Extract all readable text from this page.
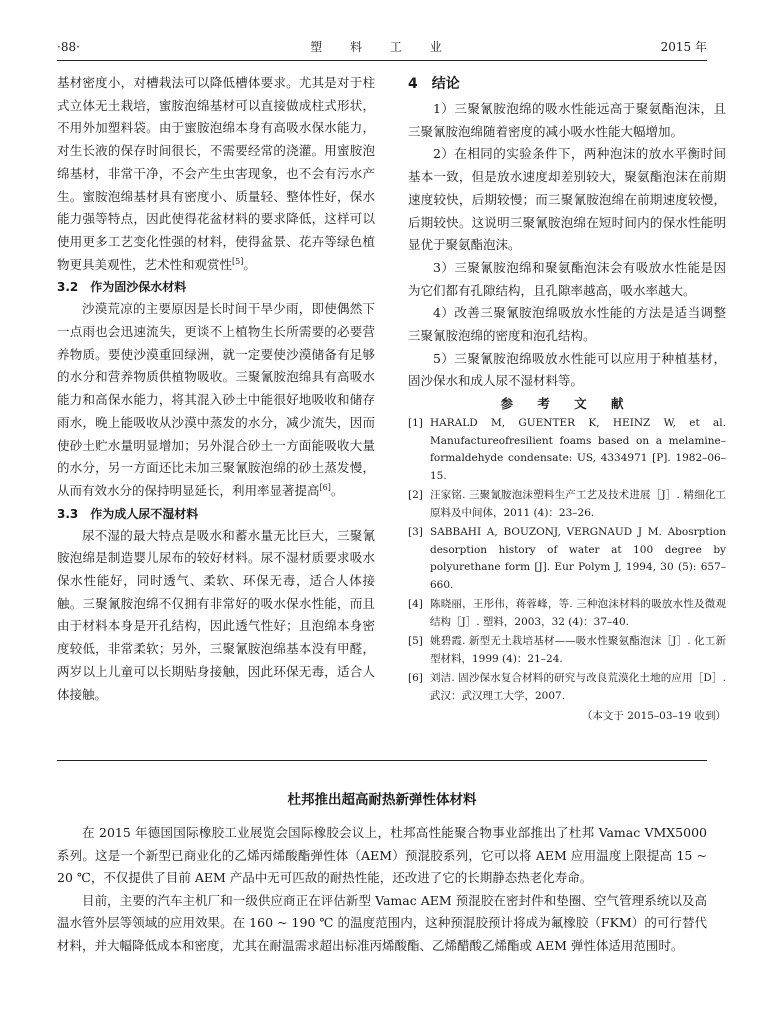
·88·	塑 料 工 业	2015 年

基材密度小，对槽栽法可以降低槽体要求。尤其是对于柱式立体无土栽培，蜜胺泡绵基材可以直接做成柱式形状，不用外加塑料袋。由于蜜胺泡绵本身有高吸水保水能力，对生长液的保存时间很长，不需要经常的浇灌。用蜜胺泡绵基材，非常干净，不会产生虫害现象，也不会有污水产生。蜜胺泡绵基材具有密度小、质量轻、整体性好，保水能力强等特点，因此使得花盆材料的要求降低，这样可以使用更多工艺变化性强的材料，使得盆景、花卉等绿色植物更具美观性，艺术性和观赏性[5]。

3.2　作为固沙保水材料

沙漠荒凉的主要原因是长时间干旱少雨，即使偶然下一点雨也会迅速流失，更谈不上植物生长所需要的必要营养物质。要使沙漠重回绿洲，就一定要使沙漠储备有足够的水分和营养物质供植物吸收。三聚氰胺泡绵具有高吸水能力和高保水能力，将其混入砂土中能很好地吸收和储存雨水，晚上能吸收从沙漠中蒸发的水分，减少流失，因而使砂土贮水量明显增加；另外混合砂土一方面能吸收大量的水分，另一方面还比未加三聚氰胺泡绵的砂土蒸发慢，从而有效水分的保持明显延长，利用率显著提高[6]。

3.3　作为成人尿不湿材料

尿不湿的最大特点是吸水和蓄水量无比巨大，三聚氰胺泡绵是制造婴儿尿布的较好材料。尿不湿材质要求吸水保水性能好，同时透气、柔软、环保无毒，适合人体接触。三聚氰胺泡绵不仅拥有非常好的吸水保水性能，而且由于材料本身是开孔结构，因此透气性好；且泡绵本身密度较低，非常柔软；另外，三聚氰胺泡绵基本没有甲醛，两岁以上儿童可以长期贴身接触，因此环保无毒，适合人体接触。

4　结论

1）三聚氰胺泡绵的吸水性能远高于聚氨酯泡沫，且三聚氰胺泡绵随着密度的减小吸水性能大幅增加。

2）在相同的实验条件下，两种泡沫的放水平衡时间基本一致，但是放水速度却差别较大，聚氨酯泡沫在前期速度较快，后期较慢；而三聚氰胺泡绵在前期速度较慢，后期较快。这说明三聚氰胺泡绵在短时间内的保水性能明显优于聚氨酯泡沫。

3）三聚氰胺泡绵和聚氨酯泡沫会有吸放水性能是因为它们都有孔隙结构，且孔隙率越高，吸水率越大。

4）改善三聚氰胺泡绵吸放水性能的方法是适当调整三聚氰胺泡绵的密度和泡孔结构。

5）三聚氰胺泡绵吸放水性能可以应用于种植基材，固沙保水和成人尿不湿材料等。

参 考 文 献
[1] HARALD M, GUENTER K, HEINZ W, et al. Manufactureofresilient foams based on a melamine–formaldehyde condensate: US, 4334971 [P]. 1982–06–15.
[2] 汪家铭. 三聚氰胺泡沫塑料生产工艺及技术进展［J］. 精细化工原料及中间体，2011 (4)：23–26.
[3] SABBAHI A, BOUZONJ, VERGNAUD J M. Abosrption desorption history of water at 100 degree by polyurethane form [J]. Eur Polym J, 1994, 30 (5): 657–660.
[4] 陈晓丽，王彤伟，蒋蓉峰，等. 三种泡沫材料的吸放水性及微观结构［J］. 塑料，2003，32 (4)：37–40.
[5] 姚碧霞. 新型无土栽培基材——吸水性聚氨酯泡沫［J］. 化工新型材料，1999 (4)：21–24.
[6] 刘洁. 固沙保水复合材料的研究与改良荒漠化土地的应用［D］. 武汉：武汉理工大学，2007.
（本文于 2015–03–19 收到）
杜邦推出超高耐热新弹性体材料

在 2015 年德国国际橡胶工业展览会国际橡胶会议上，杜邦高性能聚合物事业部推出了杜邦 Vamac VMX5000 系列。这是一个新型已商业化的乙烯丙烯酸酯弹性体（AEM）预混胶系列，它可以将 AEM 应用温度上限提高 15 ~ 20 ℃，不仅提供了目前 AEM 产品中无可匹敌的耐热性能，还改进了它的长期静态热老化寿命。

目前，主要的汽车主机厂和一级供应商正在评估新型 Vamac AEM 预混胶在密封件和垫圈、空气管理系统以及高温水管外层等领域的应用效果。在 160 ~ 190 ℃ 的温度范围内，这种预混胶预计将成为氟橡胶（FKM）的可行替代材料，并大幅降低成本和密度，尤其在耐温需求超出标准丙烯酸酯、乙烯醋酸乙烯酯或 AEM 弹性体适用范围时。
